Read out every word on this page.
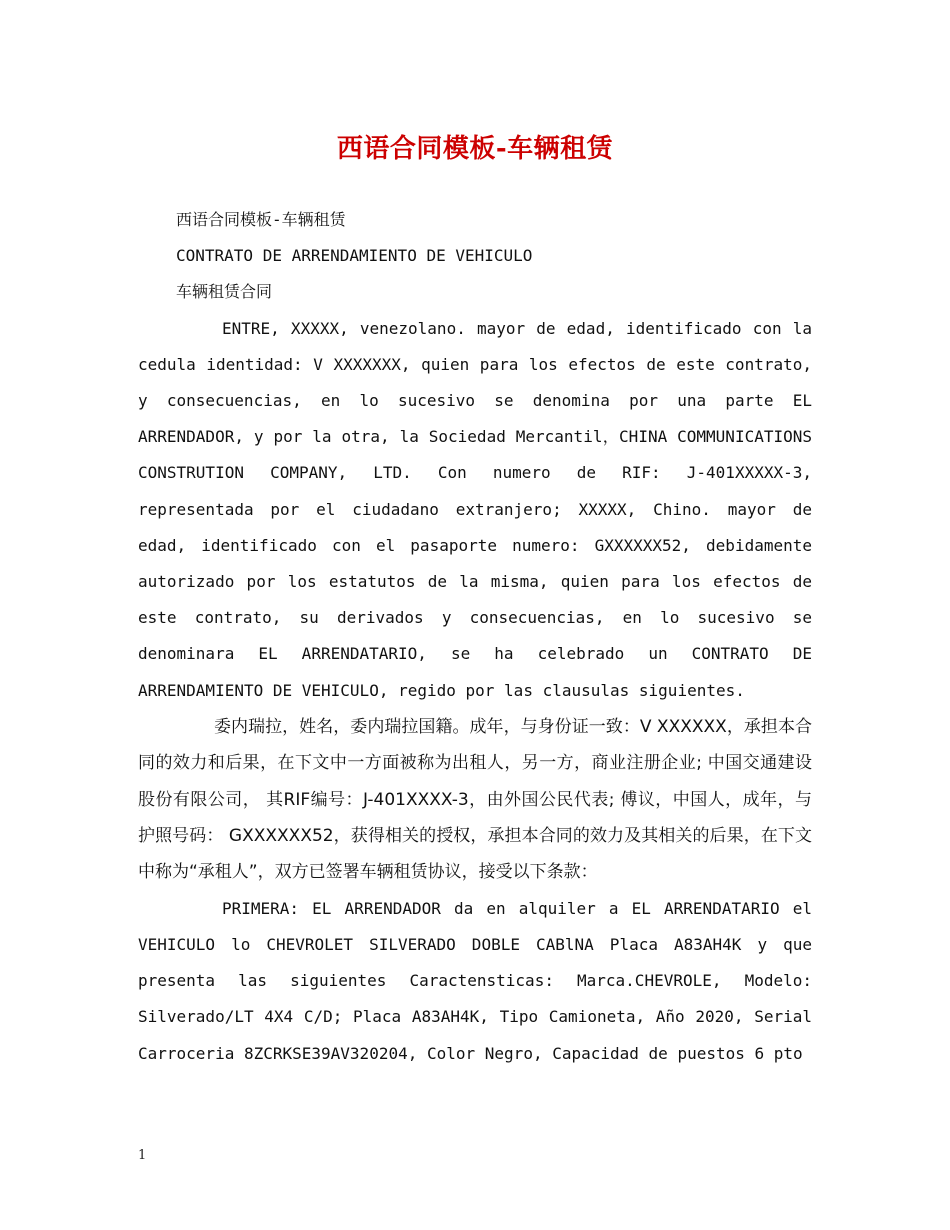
西语合同模板-车辆租赁

西语合同模板-车辆租赁

CONTRATO DE ARRENDAMIENTO DE VEHICULO

车辆租赁合同

ENTRE, XXXXX, venezolano. mayor de edad, identificado con la cedula identidad: V XXXXXXX, quien para los efectos de este contrato, y consecuencias, en lo sucesivo se denomina por una parte EL ARRENDADOR, y por la otra, la Sociedad Mercantil，CHINA COMMUNICATIONS CONSTRUTION COMPANY, LTD. Con numero de RIF: J-401XXXXX-3, representada por el ciudadano extranjero; XXXXX, Chino. mayor de edad, identificado con el pasaporte numero: GXXXXXX52, debidamente autorizado por los estatutos de la misma, quien para los efectos de este contrato, su derivados y consecuencias, en lo sucesivo se denominara EL ARRENDATARIO, se ha celebrado un CONTRATO DE ARRENDAMIENTO DE VEHICULO, regido por las clausulas siguientes.

委内瑞拉，姓名，委内瑞拉国籍。成年，与身份证一致：V XXXXXX，承担本合同的效力和后果，在下文中一方面被称为出租人，另一方，商业注册企业; 中国交通建设股份有限公司， 其RIF编号：J-401XXXX-3，由外国公民代表; 傅议，中国人，成年，与护照号码： GXXXXXX52，获得相关的授权，承担本合同的效力及其相关的后果，在下文中称为“承租人”，双方已签署车辆租赁协议，接受以下条款：

PRIMERA: EL ARRENDADOR da en alquiler a EL ARRENDATARIO el VEHICULO lo CHEVROLET SILVERADO DOBLE CABlNA Placa A83AH4K y que presenta las siguientes Caractensticas: Marca.CHEVROLE, Modelo: Silverado/LT 4X4 C/D; Placa A83AH4K, Tipo Camioneta, Año 2020, Serial Carroceria 8ZCRKSE39AV320204, Color Negro, Capacidad de puestos 6 pto

1
